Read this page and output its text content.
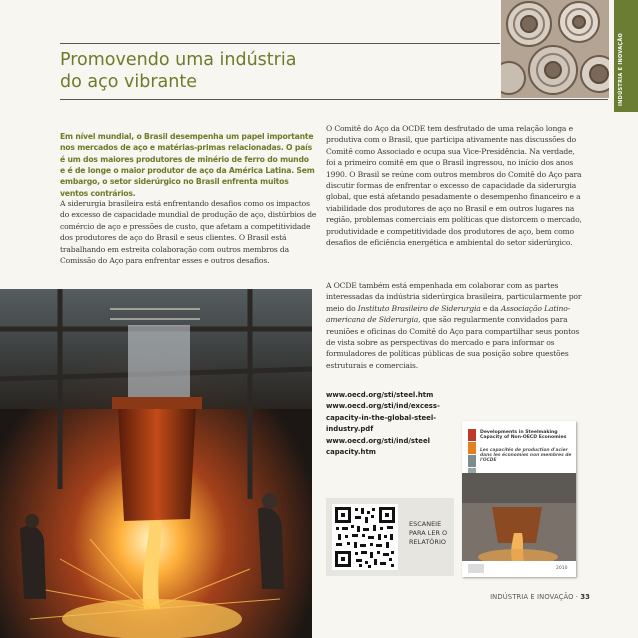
INDÚSTRIA E INOVAÇÃO
Promovendo uma indústria
do aço vibrante

Em nível mundial, o Brasil desempenha um papel importante nos mercados de aço e matérias-primas relacionadas. O país é um dos maiores produtores de minério de ferro do mundo e é de longe o maior produtor de aço da América Latina. Sem embargo, o setor siderúrgico no Brasil enfrenta muitos ventos contrários.

A siderurgia brasileira está enfrentando desafios como os impactos do excesso de capacidade mundial de produção de aço, distúrbios de comércio de aço e pressões de custo, que afetam a competitividade dos produtores de aço do Brasil e seus clientes. O Brasil está trabalhando em estreita colaboração com outros membros da Comissão do Aço para enfrentar esses e outros desafios.

O Comitê do Aço da OCDE tem desfrutado de uma relação longa e produtiva com o Brasil, que participa ativamente nas discussões do Comitê como Associado e ocupa sua Vice-Presidência. Na verdade, foi a primeiro comitê em que o Brasil ingressou, no início dos anos 1990. O Brasil se reúne com outros membros do Comitê do Aço para discutir formas de enfrentar o excesso de capacidade da siderurgia global, que está afetando pesadamente o desempenho financeiro e a viabilidade dos produtores de aço no Brasil e em outros lugares na região, problemas comerciais em políticas que distorcem o mercado, produtividade e competitividade dos produtores de aço, bem como desafios de eficiência energética e ambiental do setor siderúrgico.

A OCDE também está empenhada em colaborar com as partes interessadas da indústria siderúrgica brasileira, particularmente por meio do Instituto Brasileiro de Siderurgia e da Associação Latino-americana de Siderurgia, que são regularmente convidados para reuniões e oficinas do Comitê do Aço para compartilhar seus pontos de vista sobre as perspectivas do mercado e para informar os formuladores de políticas públicas de sua posição sobre questões estruturais e comerciais.

www.oecd.org/sti/steel.htm
www.oecd.org/sti/ind/excess-capacity-in-the-global-steel-industry.pdf
www.oecd.org/sti/ind/steel capacity.htm
ESCANEIE
PARA LER O
RELATÓRIO
Developments in Steelmaking Capacity of Non-OECD Economies
Les capacités de production d'acier dans les économies non membres de l'OCDE
2010
INDÚSTRIA E INOVAÇÃO · 33
